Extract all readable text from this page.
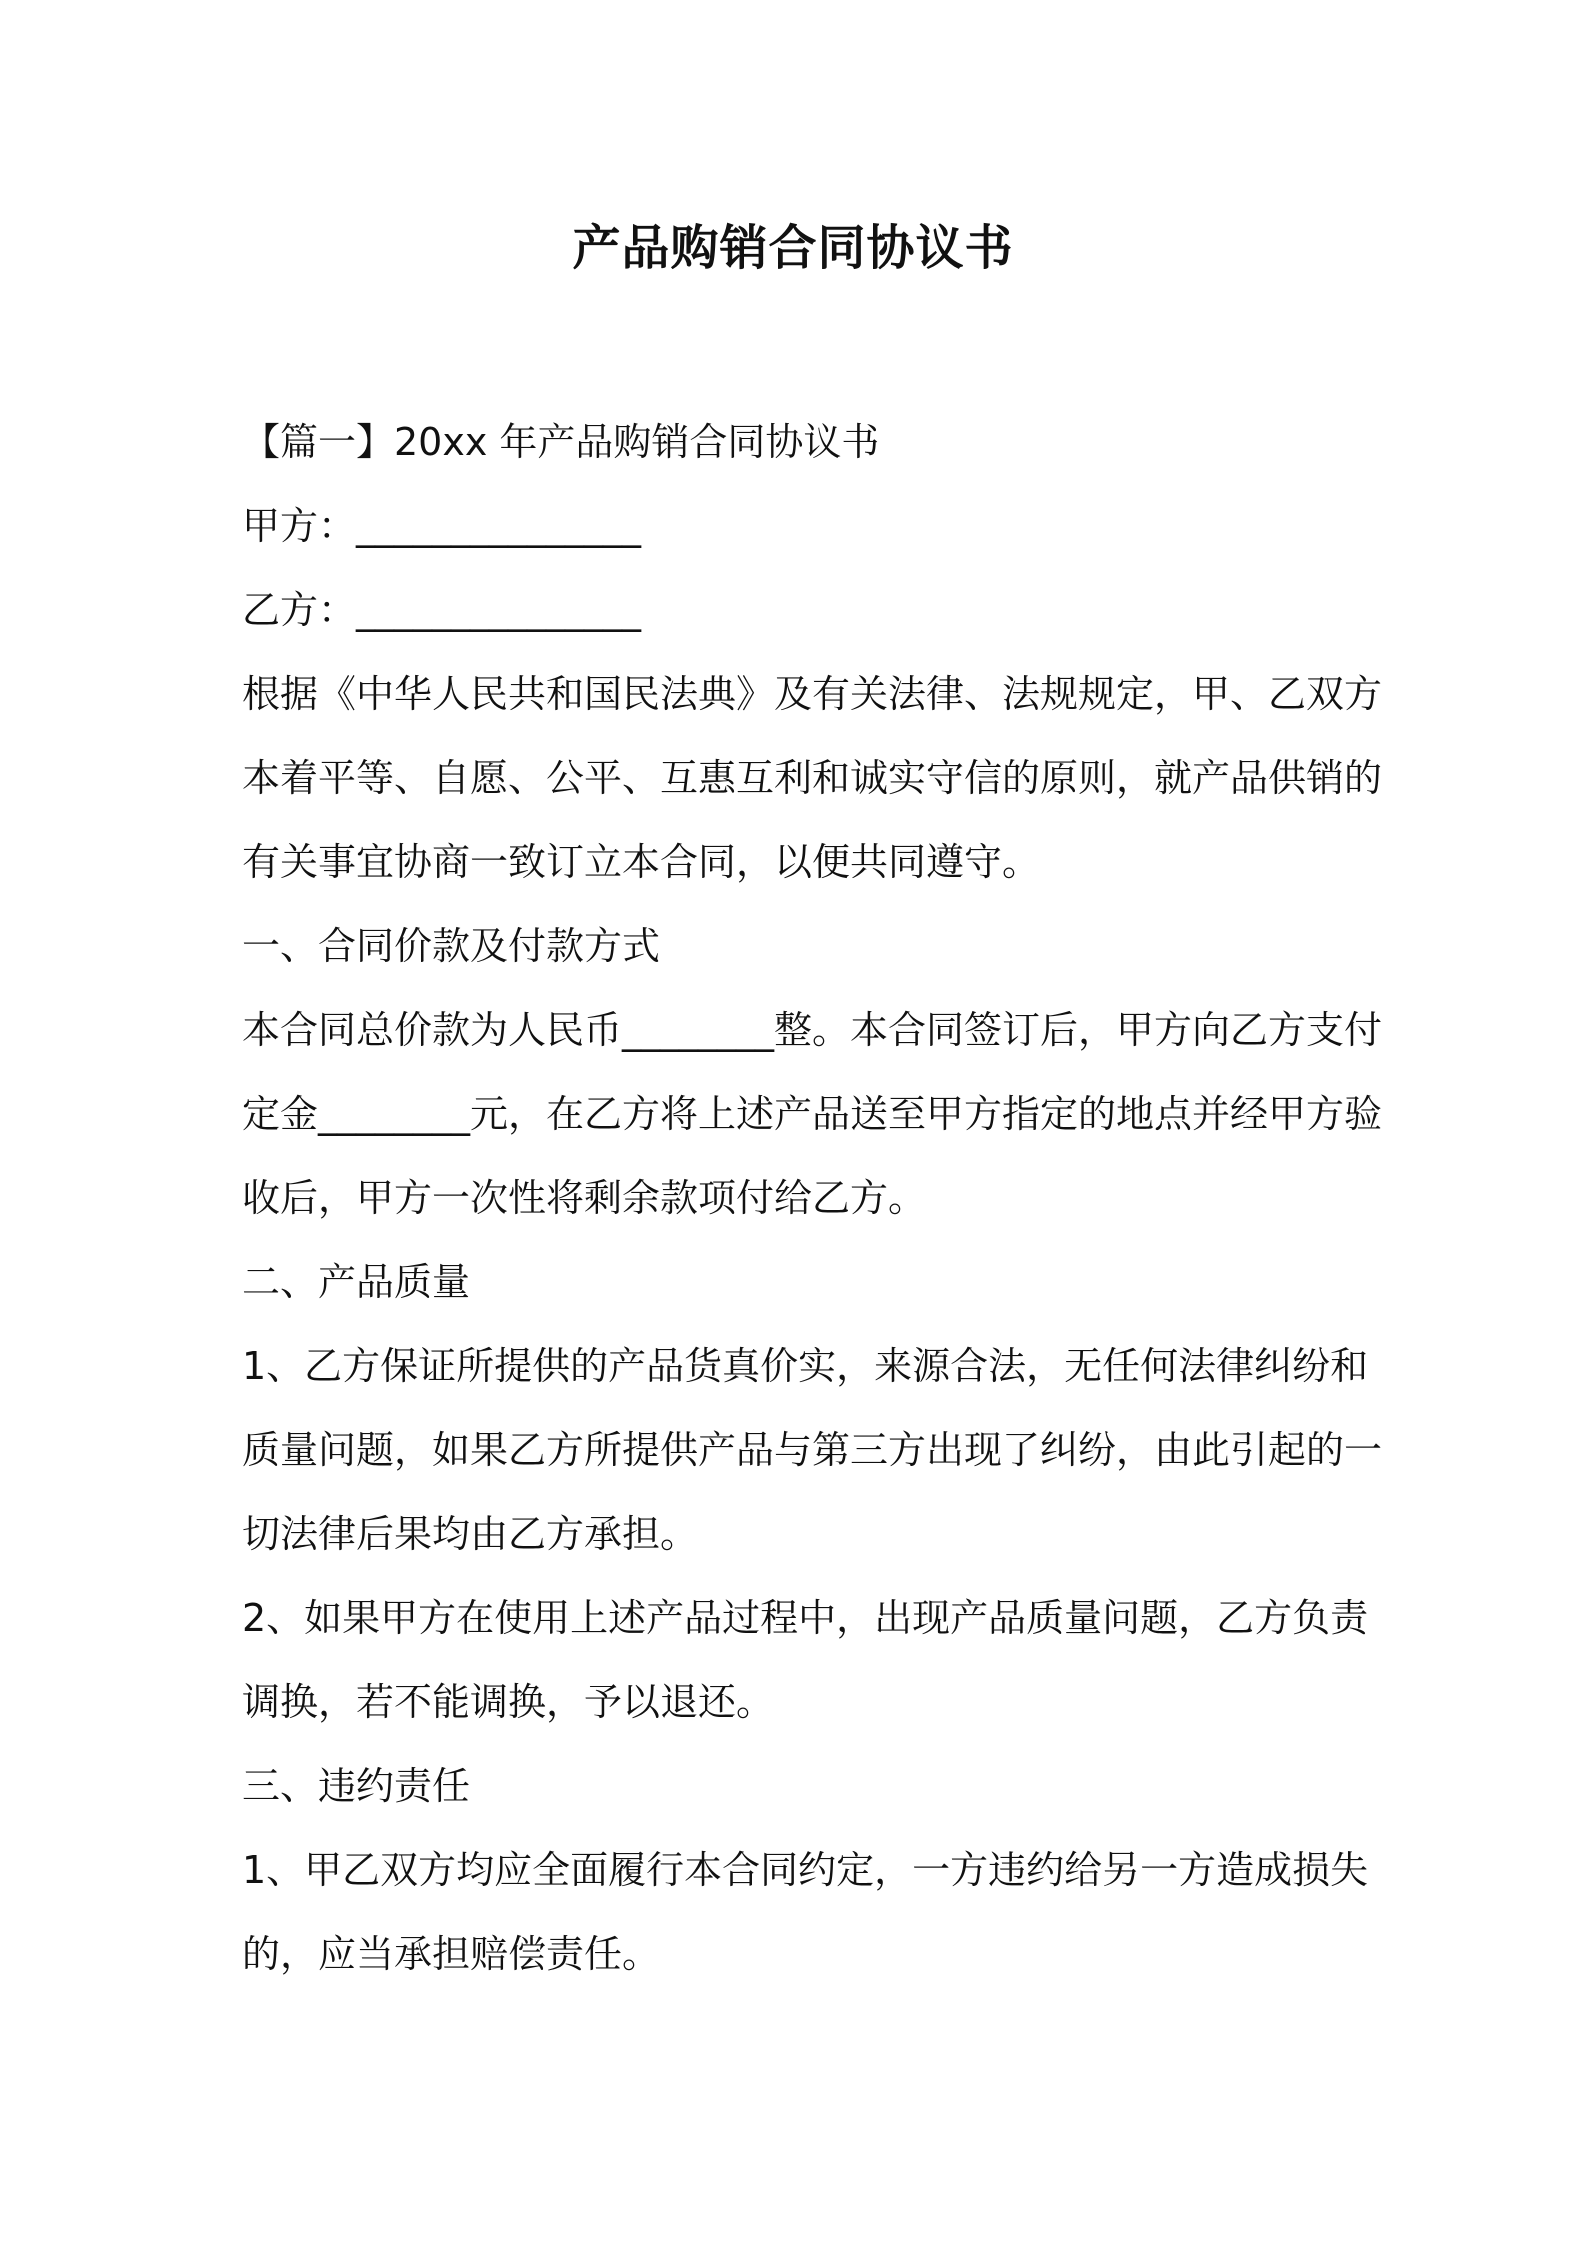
产品购销合同协议书
【篇一】20xx 年产品购销合同协议书
甲方：_______________
乙方：_______________
根据《中华人民共和国民法典》及有关法律、法规规定，甲、乙双方
本着平等、自愿、公平、互惠互利和诚实守信的原则，就产品供销的
有关事宜协商一致订立本合同，以便共同遵守。
一、合同价款及付款方式
本合同总价款为人民币________整。本合同签订后，甲方向乙方支付
定金________元，在乙方将上述产品送至甲方指定的地点并经甲方验
收后，甲方一次性将剩余款项付给乙方。
二、产品质量
1、乙方保证所提供的产品货真价实，来源合法，无任何法律纠纷和
质量问题，如果乙方所提供产品与第三方出现了纠纷，由此引起的一
切法律后果均由乙方承担。
2、如果甲方在使用上述产品过程中，出现产品质量问题，乙方负责
调换，若不能调换，予以退还。
三、违约责任
1、甲乙双方均应全面履行本合同约定，一方违约给另一方造成损失
的，应当承担赔偿责任。
